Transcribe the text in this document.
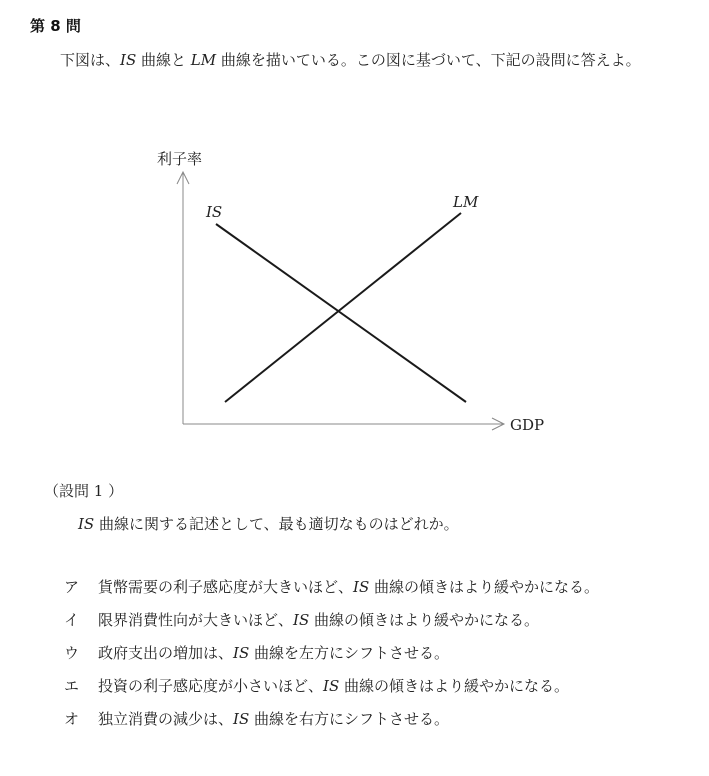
第 8 問
下図は、IS 曲線と LM 曲線を描いている。この図に基づいて、下記の設問に答えよ。
利子率
GDP
IS
LM
（設問 1 ）
IS 曲線に関する記述として、最も適切なものはどれか。
ア	貨幣需要の利子感応度が大きいほど、IS 曲線の傾きはより緩やかになる。
イ	限界消費性向が大きいほど、IS 曲線の傾きはより緩やかになる。
ウ	政府支出の増加は、IS 曲線を左方にシフトさせる。
エ	投資の利子感応度が小さいほど、IS 曲線の傾きはより緩やかになる。
オ	独立消費の減少は、IS 曲線を右方にシフトさせる。
